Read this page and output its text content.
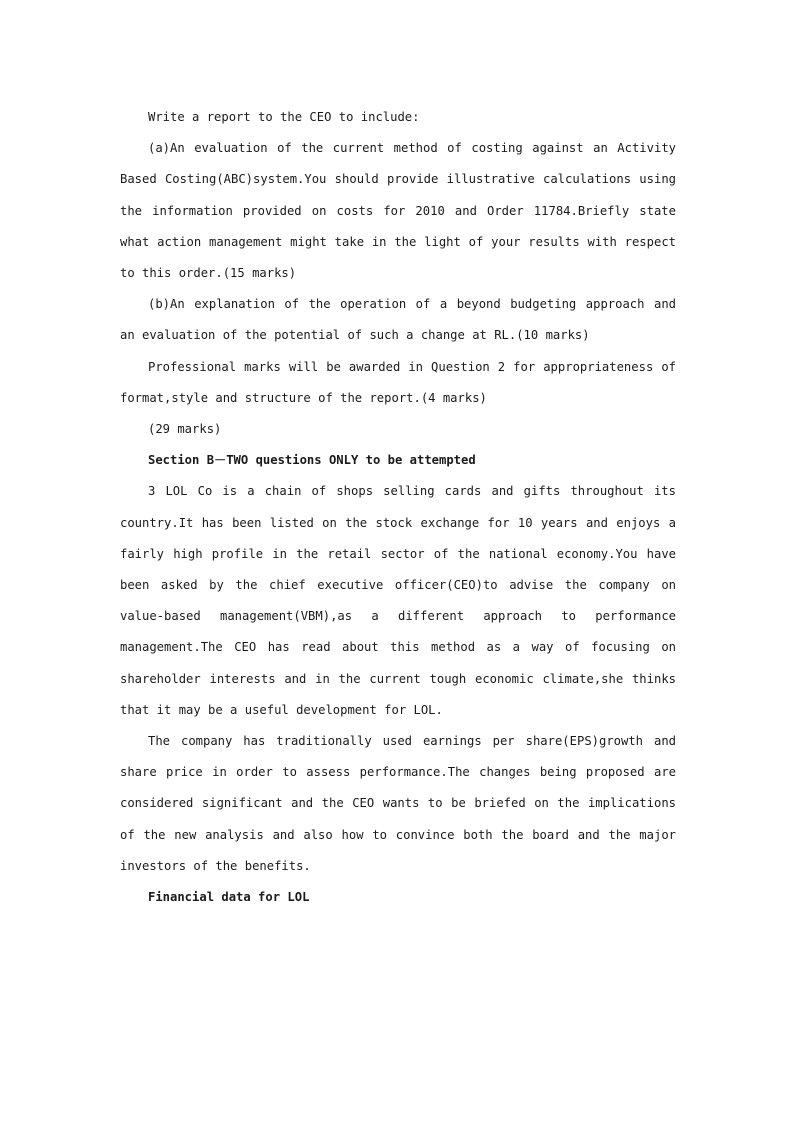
Write a report to the CEO to include:

(a)An evaluation of the current method of costing against an Activity Based Costing(ABC)system.You should provide illustrative calculations using the information provided on costs for 2010 and Order 11784.Briefly state what action management might take in the light of your results with respect to this order.(15 marks)

(b)An explanation of the operation of a beyond budgeting approach and an evaluation of the potential of such a change at RL.(10 marks)

Professional marks will be awarded in Question 2 for appropriateness of format,style and structure of the report.(4 marks)

(29 marks)

Section B－TWO questions ONLY to be attempted

3 LOL Co is a chain of shops selling cards and gifts throughout its country.It has been listed on the stock exchange for 10 years and enjoys a fairly high profile in the retail sector of the national economy.You have been asked by the chief executive officer(CEO)to advise the company on value-based management(VBM),as a different approach to performance management.The CEO has read about this method as a way of focusing on shareholder interests and in the current tough economic climate,she thinks that it may be a useful development for LOL.

The company has traditionally used earnings per share(EPS)growth and share price in order to assess performance.The changes being proposed are considered significant and the CEO wants to be briefed on the implications of the new analysis and also how to convince both the board and the major investors of the benefits.

Financial data for LOL
